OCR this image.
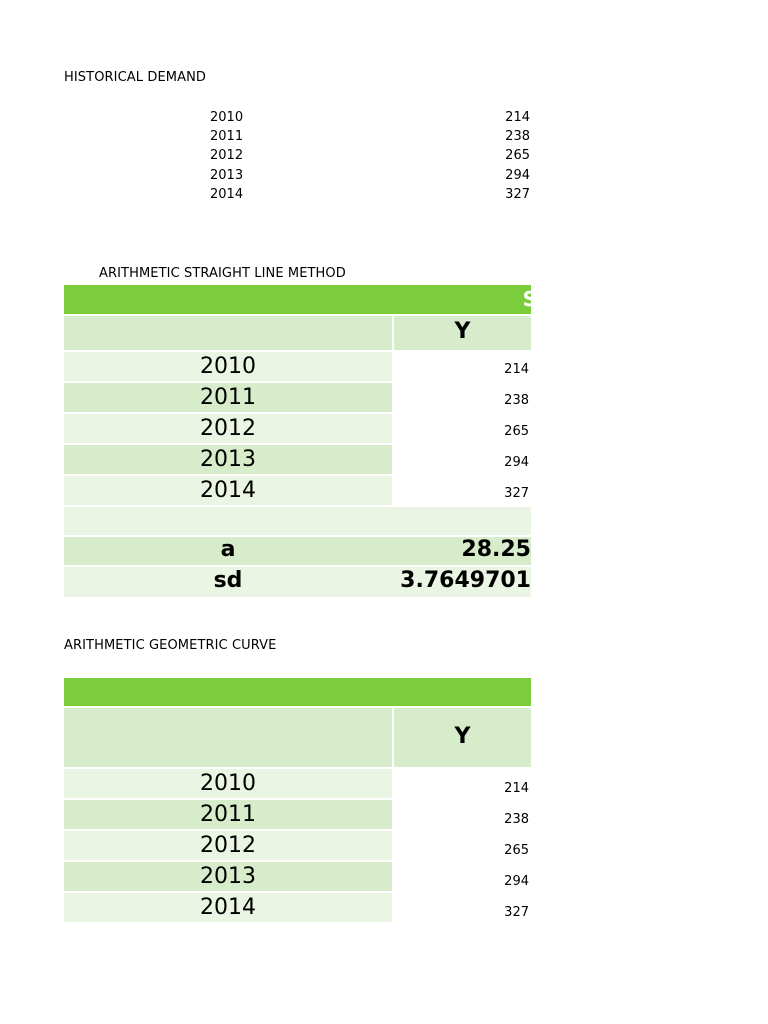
HISTORICAL DEMAND
2010	214
2011	238
2012	265
2013	294
2014	327
ARITHMETIC STRAIGHT LINE METHOD
S
Y
2010	214
2011	238
2012	265
2013	294
2014	327
a	28.25
sd	3.7649701
ARITHMETIC GEOMETRIC CURVE
Y
2010	214
2011	238
2012	265
2013	294
2014	327
